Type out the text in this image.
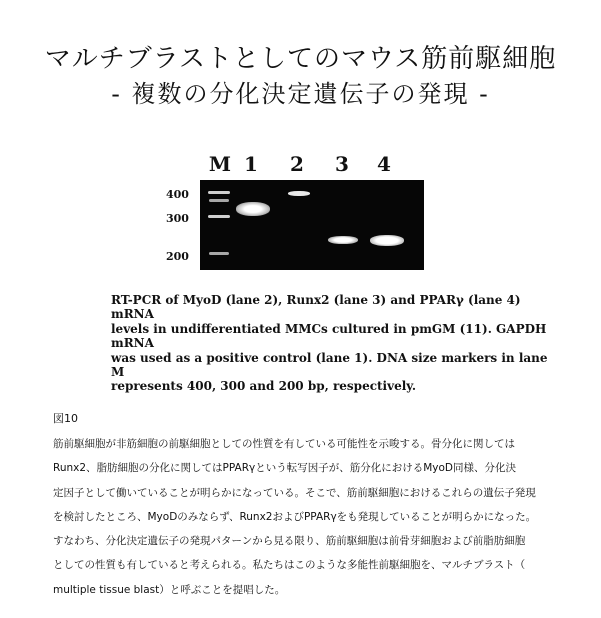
マルチブラストとしてのマウス筋前駆細胞
- 複数の分化決定遺伝子の発現 -
M 1 2 3 4
400
300
200
RT-PCR of MyoD (lane 2), Runx2 (lane 3) and PPARγ (lane 4) mRNA
levels in undifferentiated MMCs cultured in pmGM (11). GAPDH mRNA
was used as a positive control (lane 1). DNA size markers in lane M
represents 400, 300 and 200 bp, respectively.
図10
筋前駆細胞が非筋細胞の前駆細胞としての性質を有している可能性を示唆する。骨分化に関しては
Runx2、脂肪細胞の分化に関してはPPARγという転写因子が、筋分化におけるMyoD同様、分化決
定因子として働いていることが明らかになっている。そこで、筋前駆細胞におけるこれらの遺伝子発現
を検討したところ、MyoDのみならず、Runx2およびPPARγをも発現していることが明らかになった。
すなわち、分化決定遺伝子の発現パターンから見る限り、筋前駆細胞は前骨芽細胞および前脂肪細胞
としての性質も有していると考えられる。私たちはこのような多能性前駆細胞を、マルチブラスト（
multiple tissue blast）と呼ぶことを提唱した。
